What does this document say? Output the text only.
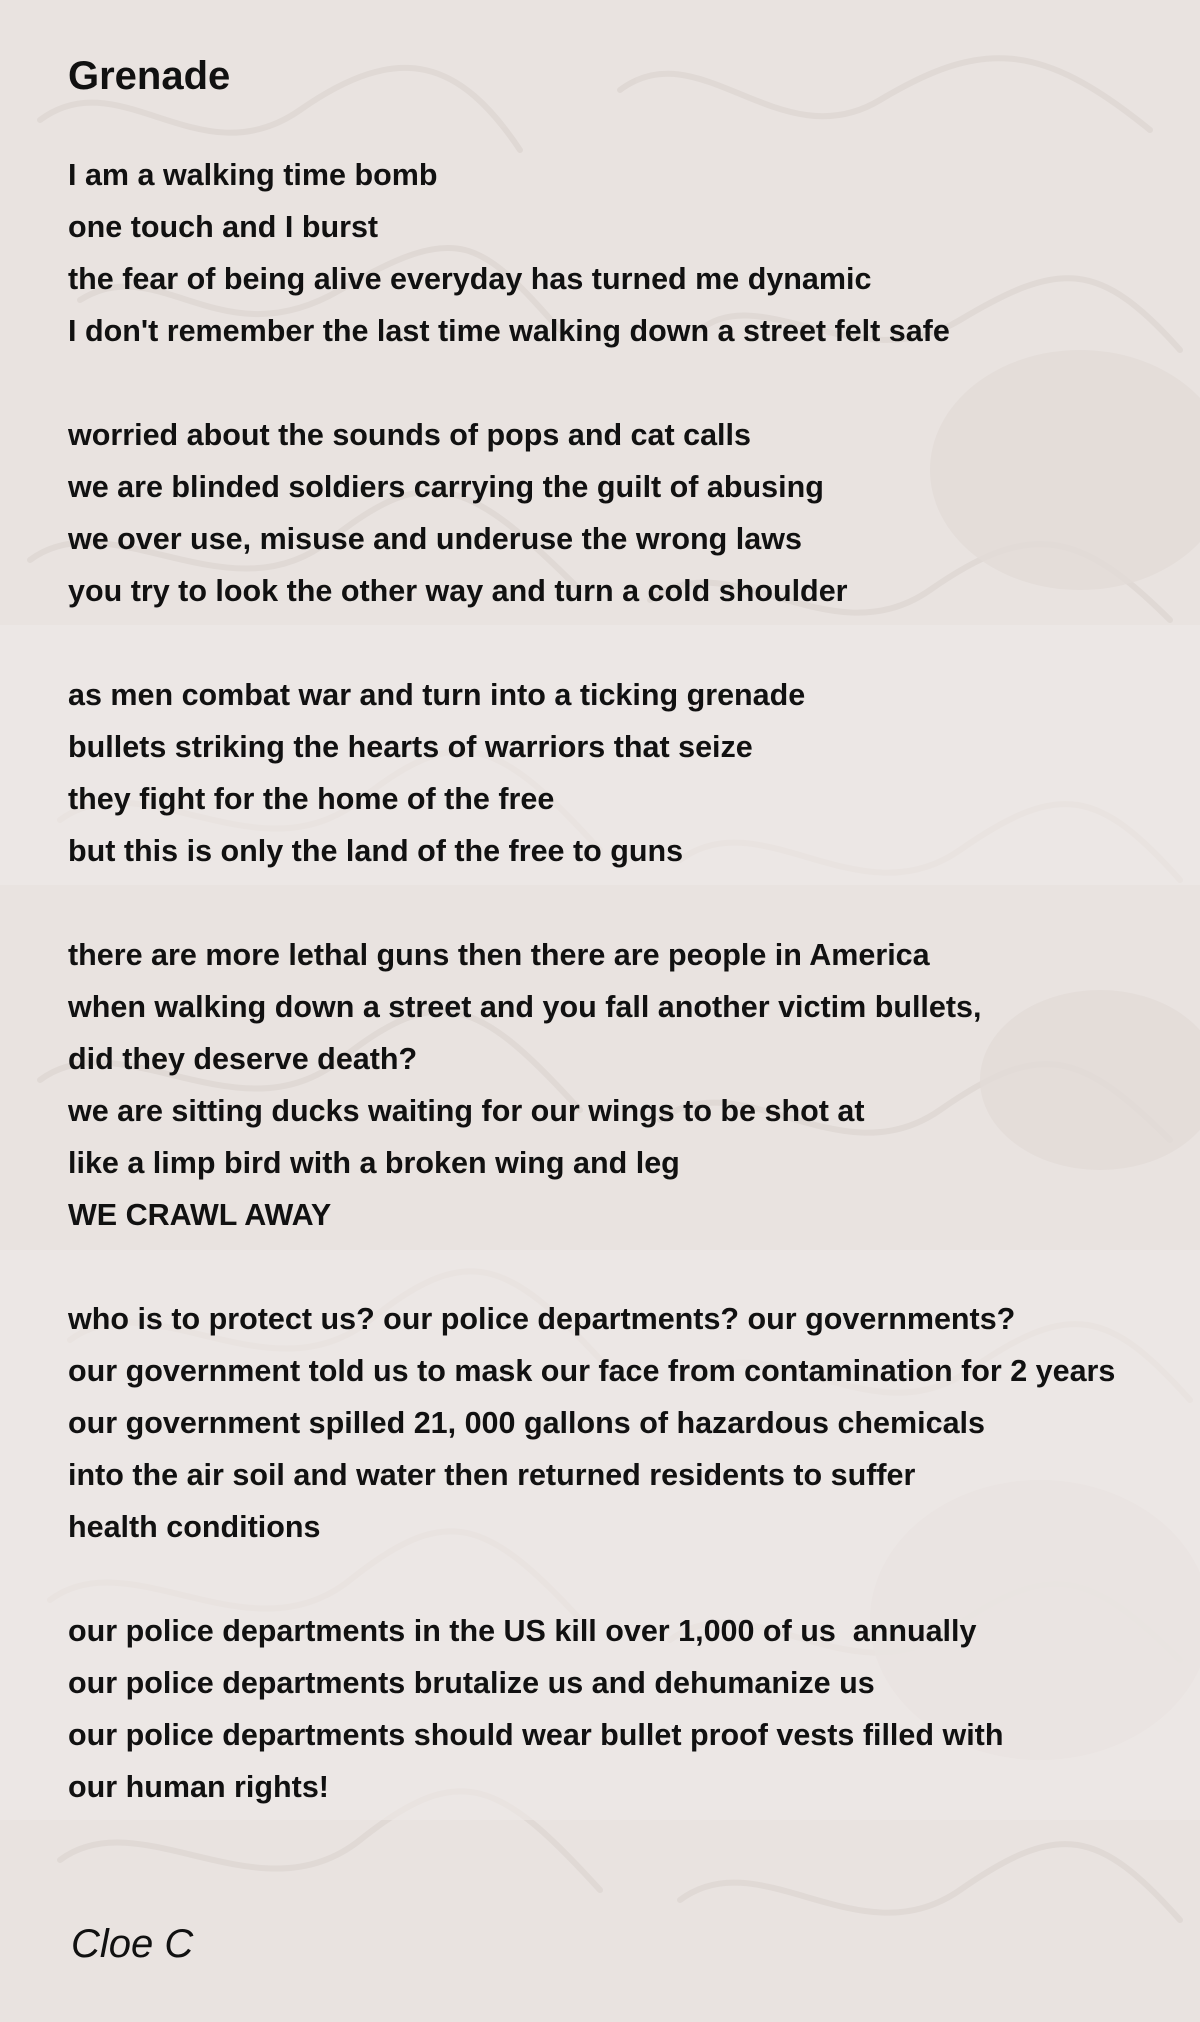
Grenade
I am a walking time bomb
one touch and I burst
the fear of being alive everyday has turned me dynamic
I don't remember the last time walking down a street felt safe
worried about the sounds of pops and cat calls
we are blinded soldiers carrying the guilt of abusing
we over use, misuse and underuse the wrong laws
you try to look the other way and turn a cold shoulder
as men combat war and turn into a ticking grenade
bullets striking the hearts of warriors that seize
they fight for the home of the free
but this is only the land of the free to guns
there are more lethal guns then there are people in America
when walking down a street and you fall another victim bullets,
did they deserve death?
we are sitting ducks waiting for our wings to be shot at
like a limp bird with a broken wing and leg
WE CRAWL AWAY
who is to protect us? our police departments? our governments?
our government told us to mask our face from contamination for 2 years
our government spilled 21, 000 gallons of hazardous chemicals
into the air soil and water then returned residents to suffer
health conditions
our police departments in the US kill over 1,000 of us  annually
our police departments brutalize us and dehumanize us
our police departments should wear bullet proof vests filled with
our human rights!
Cloe C
